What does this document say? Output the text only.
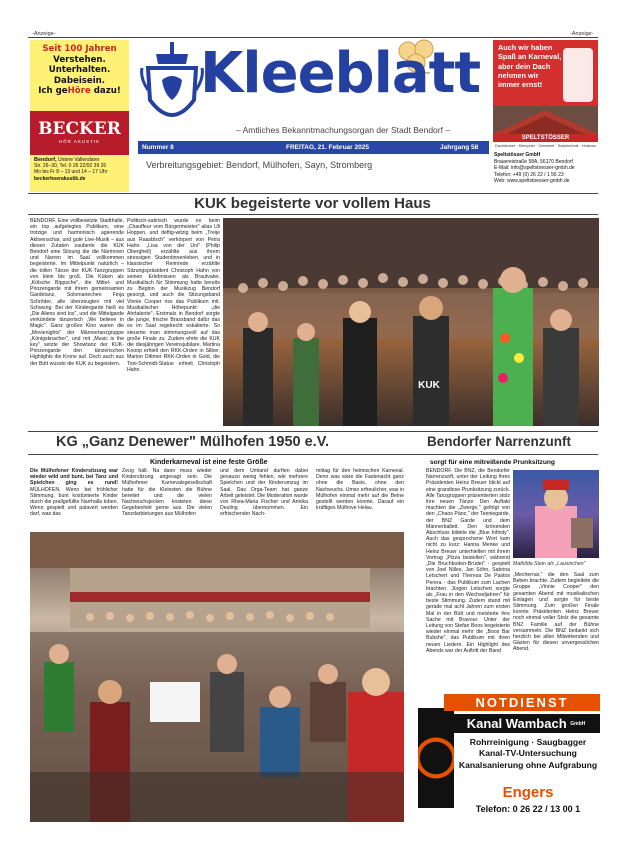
-Anzeige-	-Anzeige-
Seit 100 Jahren
Verstehen.
Unterhalten.
Dabeisein.
Ich geHöre dazu!
BECKER
HÖR AKUSTIK
Bendorf, Untere Vallendarer
Str. 26–30, Tel. 0 26 22/92 39 26
Mo bis Fr 8 – 13 und 14 – 17 Uhr
beckerhoerakustik.de
Kleeblatt
– Amtliches Bekanntmachungsorgan der Stadt Bendorf –
Nummer 8	FREITAG, 21. Februar 2025	Jahrgang 58
Verbreitungsgebiet: Bendorf, Mülhofen, Sayn, Stromberg
Auch wir haben
Spaß an Karneval,
aber dein Dach
nehmen wir
immer ernst!
SPELTSTÖSSER
Dachdecker · Klempner · Zimmerei · Solartechnik · Holzbau
Speltstösser GmbH
Brauereistraße 58A, 56170 Bendorf
E-Mail: info@speltstoesser-gmbh.de
Telefon: +49 (0) 26 22 / 1 56 23
Web: www.speltstoesser-gmbh.de
KUK begeisterte vor vollem Haus
BENDORF. Eine vollbesetzte Stadthalle, ein top aufgelegtes Publikum, eine trotzige und harmonisch agierende Aktivenschar, und gute Live-Musik – aus diesen Zutaten zauberte die KUK Bendorf eine Sitzung die die Närrinnen und Narren im Saal vollkommen begeisterte. Im Mittelpunkt natürlich – die tollen Tänze der KUK-Tanzgruppen von klein bis groß. Die Küken als „Kölsche Bippsche", die Mittel- und Prinzengarde mit ihrem gemeinsamen Gardetanz, Solomariechen Finja Schröder, alle überzeugten mit viel Schwung. Bei der Kindergarde hieß es „Die Aliens sind los", und die Mittelgarde verkündete tänzerisch „We believe in Magic". Ganz großes Kino waren die „Movienights" der Männertanzgruppe „Königsknacher", und mit „Music is the key" setzte der Showtanz der KUK-Prinzengarde den tänzerischen Highlights die Krone auf. Doch auch aus der Bütt wusste die KUK zu begeistern.
Politisch-satirisch wurde es beim „Chauffeur vom Bürgermeister" alias Uli Hoppen, und deftig-witzig beim „Treije aus Raasbisch" verkörpert von Petra Hahn. „Lisa von der Uni" (Philip Oberghell) erzählte aus ihrem stressigen Studentinnenleben, und in klassischer Reimrede erzählte Sitzungspräsident Christoph Hahn von seinen Erlebnissen als Brautvater. Musikalisch für Stimmung hatte bereits zu Beginn der Musikzug Bendorf gesorgt, und auch die Sitzungsband Vinnie Cooper riss das Publikum mit. Musikalischer Höhepunkt: „die Ahrtalente". Erstmals in Bendorf sorgte die junge, frische Brassband dafür das es im Saal regelrecht eskalierte. So steuerte man stimmungsvoll auf das große Finale zu. Zudem ehrte die KUK die diesjährigen Vereinsjubilare. Martina Knoop erhielt den RKK-Orden in Silber, Marion Dittmer RKK-Orden in Gold, die Toni-Schmidt-Statue erhielt Christoph Hahn.
KUK
KG „Ganz Denewer" Mülhofen 1950 e.V.	Bendorfer Narrenzunft
Kinderkarneval ist eine feste Größe
Die Mülhofener Kindersitzung war wieder wild und bunt, bei Tanz und Spielchen ging es rund! MÜLHOFEN. Wenn bei fröhlicher Stimmung, bunt kostümierte Kinder durch die prallgefüllte Narrhalla toben. Wenn gespielt und palavert werden darf, was das
Zeug hält. Na dann muss wieder Kindersitzung angesagt sein. Die Mülhofener Karnevalsgesellschaft hatte für die Kleinsten die Bühne bereitet und die vielen Nachwuchsjecken kosteten diese Gegebenheit gerne aus. Die vielen Tanzdarbietungen aus Mülhofen
und dem Umland durften dabei genauso wenig fehlen, wie mehrere Spielchen und der Kinderumzug im Saal. Das Orga-Team hat ganze Arbeit geleistet. Die Moderation wurde von Rhea-Maria Fischer und Annika Deuling übernommen. Ein erfrischender Nach-
mittag für den heimischen Karneval. Denn was wäre die Fastenacht ganz ohne die Basis, ohne den Nachwuchs. Umso erfreulicher, was in Mülhofen einmal mehr auf die Beine gestellt werden konnte. Darauf ein kräftiges Mülhove Helau.
sorgt für eine mitreißende Prunksitzung
BENDORF. Die BNZ, die Bendorfer Narrenzunft, unter der Leitung ihres Präsidenten Heinz Breuer blickt auf eine grandiose Prunksitzung zurück. Alle Tanzgruppen präsentierten stolz ihre neuen Tänze: Den Auftakt machten die „Zwerge," gefolgt von den „Chaos Pänz," der Teeniegarde, der BNZ Garde und dem Männerballett. Den krönenden Abschluss bildete die „Blue Infinity". Auch das gesprochene Wort kam nicht zu kurz: Hanna Menke und Heinz Breuer unterhielten mit ihrem Vortrag „Pizza bestellen", während „Die Bruchbuden-Brüder" - gespielt von Joel Nilles, Jan Söhn, Sabrina Letschert und Theresa De Pastos Perera - das Publikum zum Lachen brachten. Jürgen Letschert sorgte als „Frau in den Wechseljahren" für beste Stimmung. Zudem stand mit gerade mal acht Jahren zum ersten Mal in der Bütt und meisterte ihre Sache mit Bravour. Unter der Leitung von Stefan Boos begeisterte wieder einmal mehr die „Boos Bar Bubshe", das Publikum mit ihren neuen Liedern. Ein Highlight des Abends war der Auftritt der Band
Mathilda Stein als „Lausinchen"
„Mechernar," die den Saal zum Beben brachte. Zudem begleitete die Gruppe „Vinnie Cooper" den gesamten Abend mit musikalischen Einlagen und sorgte für beste Stimmung. Zum großen Finale konnte Präsidenten Heinz Breuer noch einmal voller Stolz die gesamte BNZ Familie auf der Bühne versammeln. Die BNZ bedankt sich herzlich bei allen Mitwirkenden und Gästen für diesen unvergesslichen Abend.
NOTDIENST
Kanal Wambach GmbH
Rohrreinigung · Saugbagger
Kanal-TV-Untersuchung
Kanalsanierung ohne Aufgrabung
Engers
Telefon: 0 26 22 / 13 00 1
